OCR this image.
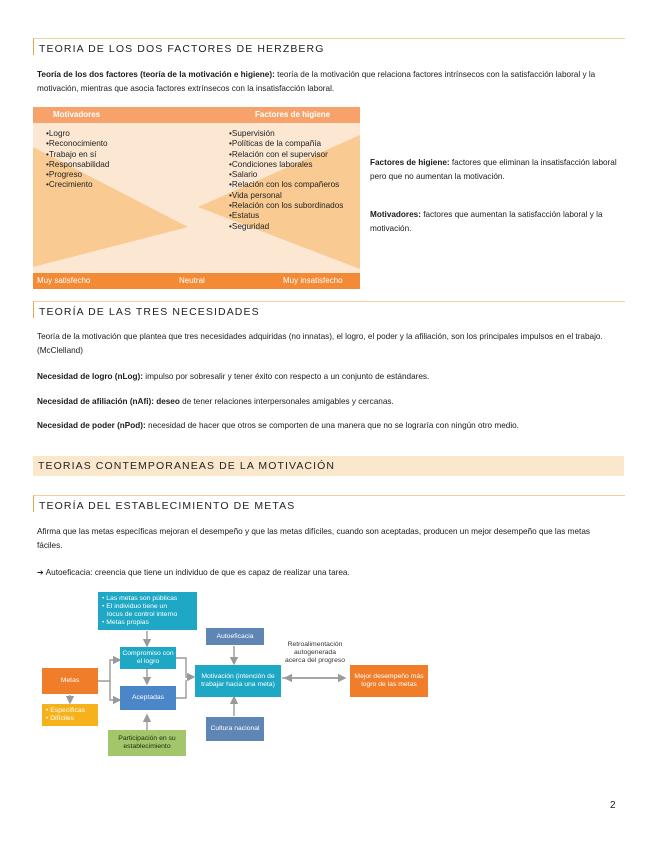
TEORIA DE LOS DOS FACTORES DE HERZBERG
Teoría de los dos factores (teoría de la motivación e higiene): teoría de la motivación que relaciona factores intrínsecos con la satisfacción laboral y la motivación, mientras que asocia factores extrínsecos con la insatisfacción laboral.
Motivadores	Factores de higiene
• Logro
• Reconocimiento
• Trabajo en sí
• Responsabilidad
• Progreso
• Crecimiento
• Supervisión
• Políticas de la compañía
• Relación con el supervisor
• Condiciones laborales
• Salario
• Relación con los compañeros
• Vida personal
• Relación con los subordinados
• Estatus
• Seguridad
Muy satisfecho	Neutral	Muy insatisfecho
Factores de higiene: factores que eliminan la insatisfacción laboral pero que no aumentan la motivación.
Motivadores: factores que aumentan la satisfacción laboral y la motivación.
TEORÍA DE LAS TRES NECESIDADES
Teoría de la motivación que plantea que tres necesidades adquiridas (no innatas), el logro, el poder y la afiliación, son los principales impulsos en el trabajo. (McClelland)
Necesidad de logro (nLog): impulso por sobresalir y tener éxito con respecto a un conjunto de estándares.
Necesidad de afiliación (nAfi): deseo de tener relaciones interpersonales amigables y cercanas.
Necesidad de poder (nPod): necesidad de hacer que otros se comporten de una manera que no se lograría con ningún otro medio.
TEORIAS CONTEMPORANEAS DE LA MOTIVACIÓN
TEORÍA DEL ESTABLECIMIENTO DE METAS
Afirma que las metas específicas mejoran el desempeño y que las metas difíciles, cuando son aceptadas, producen un mejor desempeño que las metas fáciles.
➔ Autoeficacia: creencia que tiene un individuo de que es capaz de realizar una tarea.
• Las metas son públicas
• El individuo tiene un
locus de control interno
• Metas propias
Compromiso con el logro
Aceptadas
Metas
• Específicas
• Difíciles
Participación en su establecimiento
Autoeficacia
Motivación (intención de trabajar hacia una meta)
Cultura nacional
Retroalimentación autogenerada acerca del progreso
Mejor desempeño más logro de las metas
2
